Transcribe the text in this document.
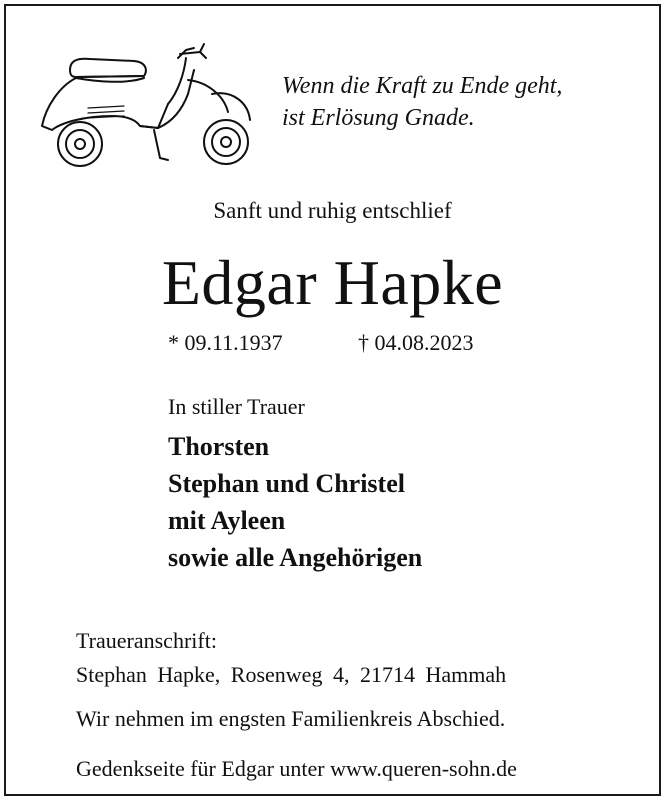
Wenn die Kraft zu Ende geht,
ist Erlösung Gnade.
Sanft und ruhig entschlief
Edgar Hapke
* 09.11.1937	† 04.08.2023
In stiller Trauer
Thorsten
Stephan und Christel
mit Ayleen
sowie alle Angehörigen
Traueranschrift:
Stephan Hapke, Rosenweg 4, 21714 Hammah
Wir nehmen im engsten Familienkreis Abschied.
Gedenkseite für Edgar unter www.queren-sohn.de
